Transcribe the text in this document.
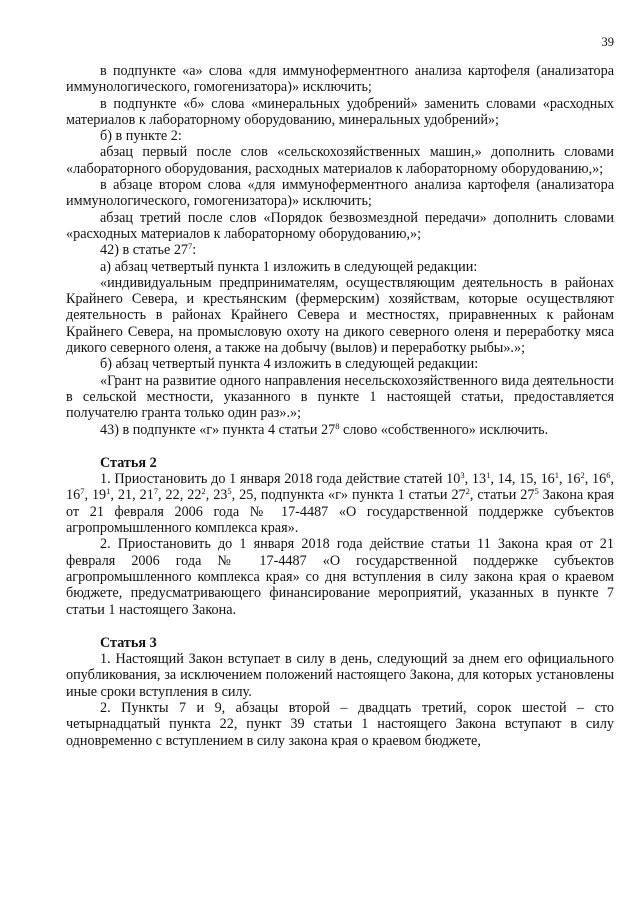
39

в подпункте «а» слова «для иммуноферментного анализа картофеля (анализатора иммунологического, гомогенизатора)» исключить;

в подпункте «б» слова «минеральных удобрений» заменить словами «расходных материалов к лабораторному оборудованию, минеральных удобрений»;

б) в пункте 2:

абзац первый после слов «сельскохозяйственных машин,» дополнить словами «лабораторного оборудования, расходных материалов к лабораторному оборудованию,»;

в абзаце втором слова «для иммуноферментного анализа картофеля (анализатора иммунологического, гомогенизатора)» исключить;

абзац третий после слов «Порядок безвозмездной передачи» дополнить словами «расходных материалов к лабораторному оборудованию,»;

42) в статье $27^7$:

а) абзац четвертый пункта 1 изложить в следующей редакции:

«индивидуальным предпринимателям, осуществляющим деятельность в районах Крайнего Севера, и крестьянским (фермерским) хозяйствам, которые осуществляют деятельность в районах Крайнего Севера и местностях, приравненных к районам Крайнего Севера, на промысловую охоту на дикого северного оленя и переработку мяса дикого северного оленя, а также на добычу (вылов) и переработку рыбы».»;

б) абзац четвертый пункта 4 изложить в следующей редакции:

«Грант на развитие одного направления несельскохозяйственного вида деятельности в сельской местности, указанного в пункте 1 настоящей статьи, предоставляется получателю гранта только один раз».»;

43) в подпункте «г» пункта 4 статьи $27^8$ слово «собственного» исключить.

Статья 2

1. Приостановить до 1 января 2018 года действие статей $10^3$, $13^1$, 14, 15, $16^1$, $16^2$, $16^6$, $16^7$, $19^1$, 21, $21^7$, 22, $22^2$, $23^5$, 25, подпункта «г» пункта 1 статьи $27^2$, статьи $27^5$ Закона края от 21 февраля 2006 года № 17-4487 «О государственной поддержке субъектов агропромышленного комплекса края».

2. Приостановить до 1 января 2018 года действие статьи 11 Закона края от 21 февраля 2006 года № 17-4487 «О государственной поддержке субъектов агропромышленного комплекса края» со дня вступления в силу закона края о краевом бюджете, предусматривающего финансирование мероприятий, указанных в пункте 7 статьи 1 настоящего Закона.

Статья 3

1. Настоящий Закон вступает в силу в день, следующий за днем его официального опубликования, за исключением положений настоящего Закона, для которых установлены иные сроки вступления в силу.

2. Пункты 7 и 9, абзацы второй – двадцать третий, сорок шестой – сто четырнадцатый пункта 22, пункт 39 статьи 1 настоящего Закона вступают в силу одновременно с вступлением в силу закона края о краевом бюджете,
